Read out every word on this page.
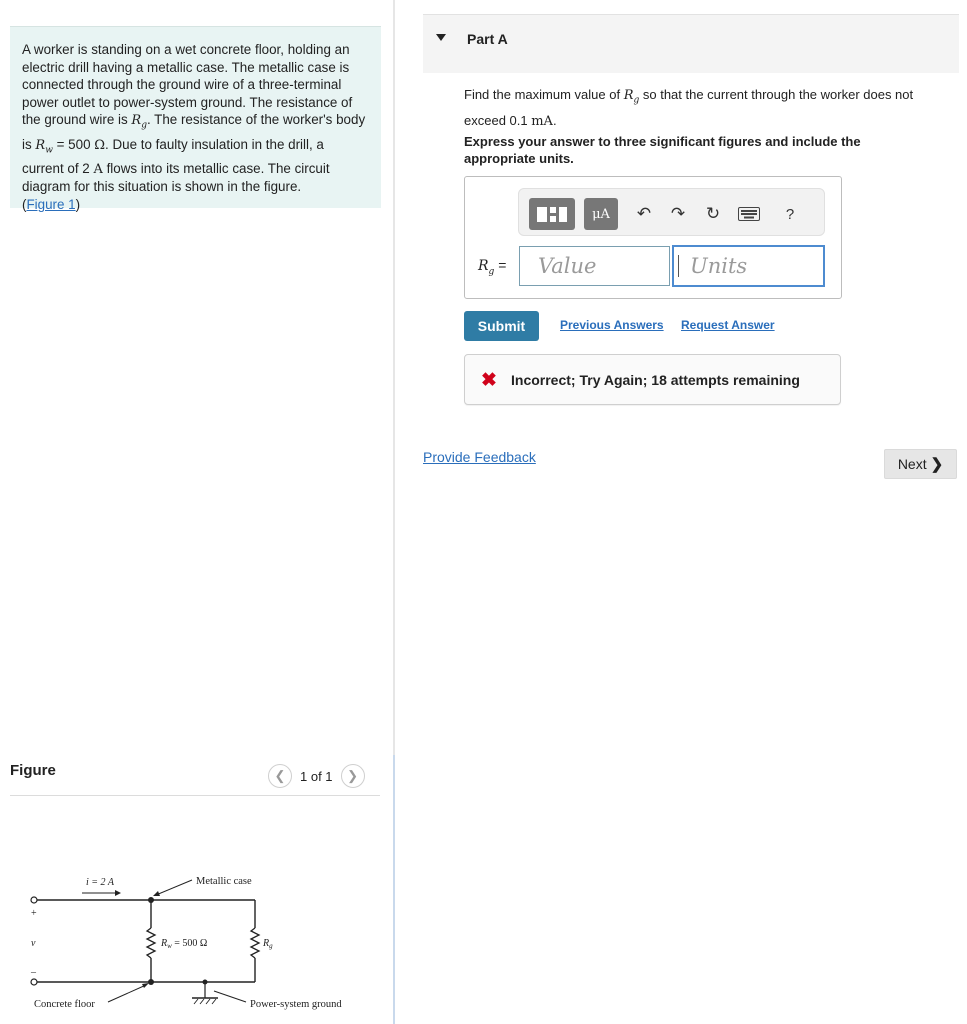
A worker is standing on a wet concrete floor, holding an electric drill having a metallic case. The metallic case is connected through the ground wire of a three-terminal power outlet to power-system ground. The resistance of the ground wire is $R_g$. The resistance of the worker's body is $R_w = 500$ Ω. Due to faulty insulation in the drill, a current of 2 A flows into its metallic case. The circuit diagram for this situation is shown in the figure.
(Figure 1)

Figure	❮	1 of 1	❯
i = 2 A	Metallic case
$R_w = 500$ Ω	$R_g$
+
v
–
Concrete floor	Power-system ground
Part A

Find the maximum value of $R_g$ so that the current through the worker does not exceed 0.1 mA.

Express your answer to three significant figures and include the appropriate units.

μA	↶	↷	↻	?
$R_g$ =
Value
Units
Submit	Previous Answers Request Answer
✖ Incorrect; Try Again; 18 attempts remaining
Provide Feedback	Next ❯
